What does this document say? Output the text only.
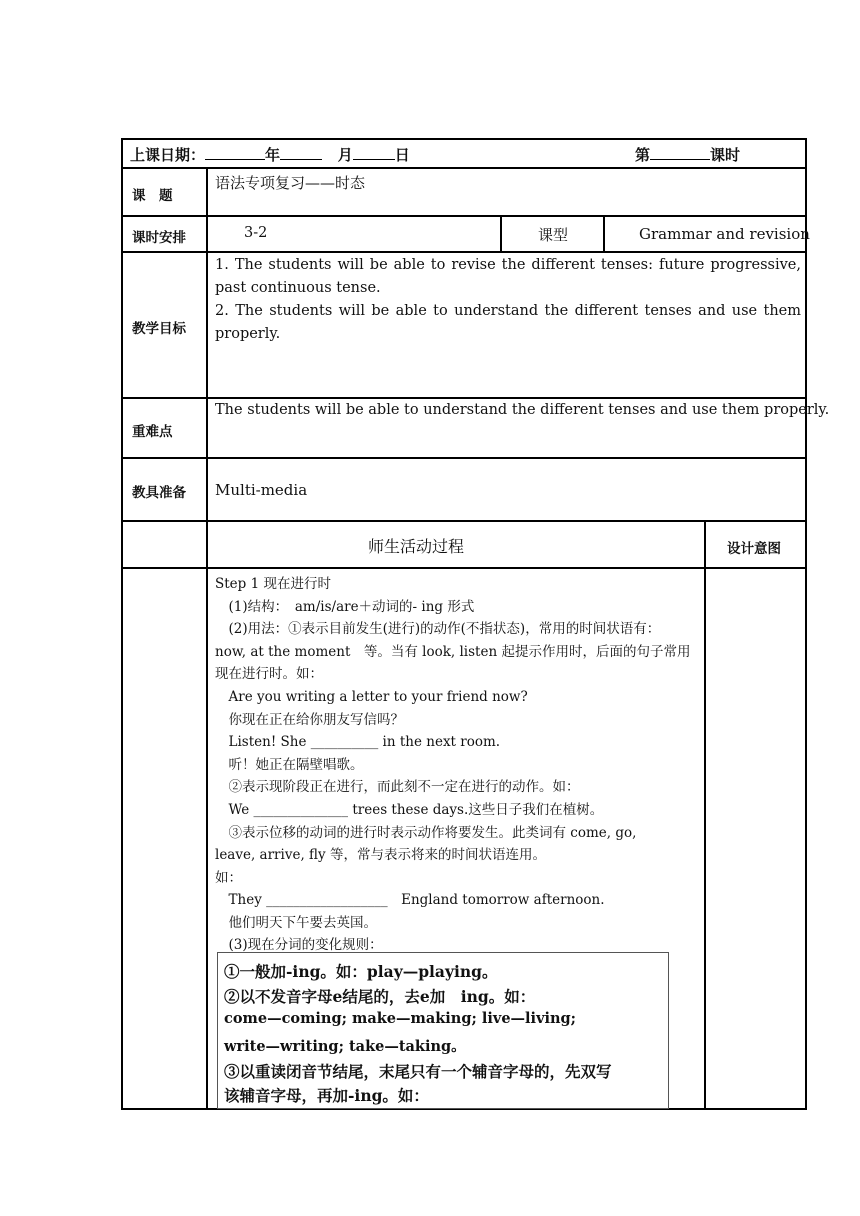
上课日期：	年	月	日	第	课时
课　题
语法专项复习——时态
课时安排	3-2	课型	Grammar and revision
教学目标
1. The students will be able to revise the different tenses: future progressive, past continuous tense.
2. The students will be able to understand the different tenses and use them properly.
重难点
The students will be able to understand the different tenses and use them properly.
教具准备 Multi-media
师生活动过程	设计意图
Step 1 现在进行时
　(1)结构：　am/is/are＋动词的- ing 形式
　(2)用法：①表示目前发生(进行)的动作(不指状态)，常用的时间状语有：
now, at the moment　等。当有 look, listen 起提示作用时，后面的句子常用
现在进行时。如：
　Are you writing a letter to your friend now?
　你现在正在给你朋友写信吗？
　Listen! She __________ in the next room.
　听！她正在隔壁唱歌。
　②表示现阶段正在进行，而此刻不一定在进行的动作。如：
　We ______________ trees these days.这些日子我们在植树。
　③表示位移的动词的进行时表示动作将要发生。此类词有 come, go,
leave, arrive, fly 等，常与表示将来的时间状语连用。
如：
　They __________________　England tomorrow afternoon.
　他们明天下午要去英国。
　(3)现在分词的变化规则：
①一般加-ing。如：play—playing。
②以不发音字母e结尾的，去e加　ing。如：
come—coming; make—making; live—living;
write—writing; take—taking。
③以重读闭音节结尾，末尾只有一个辅音字母的，先双写
该辅音字母，再加-ing。如：
